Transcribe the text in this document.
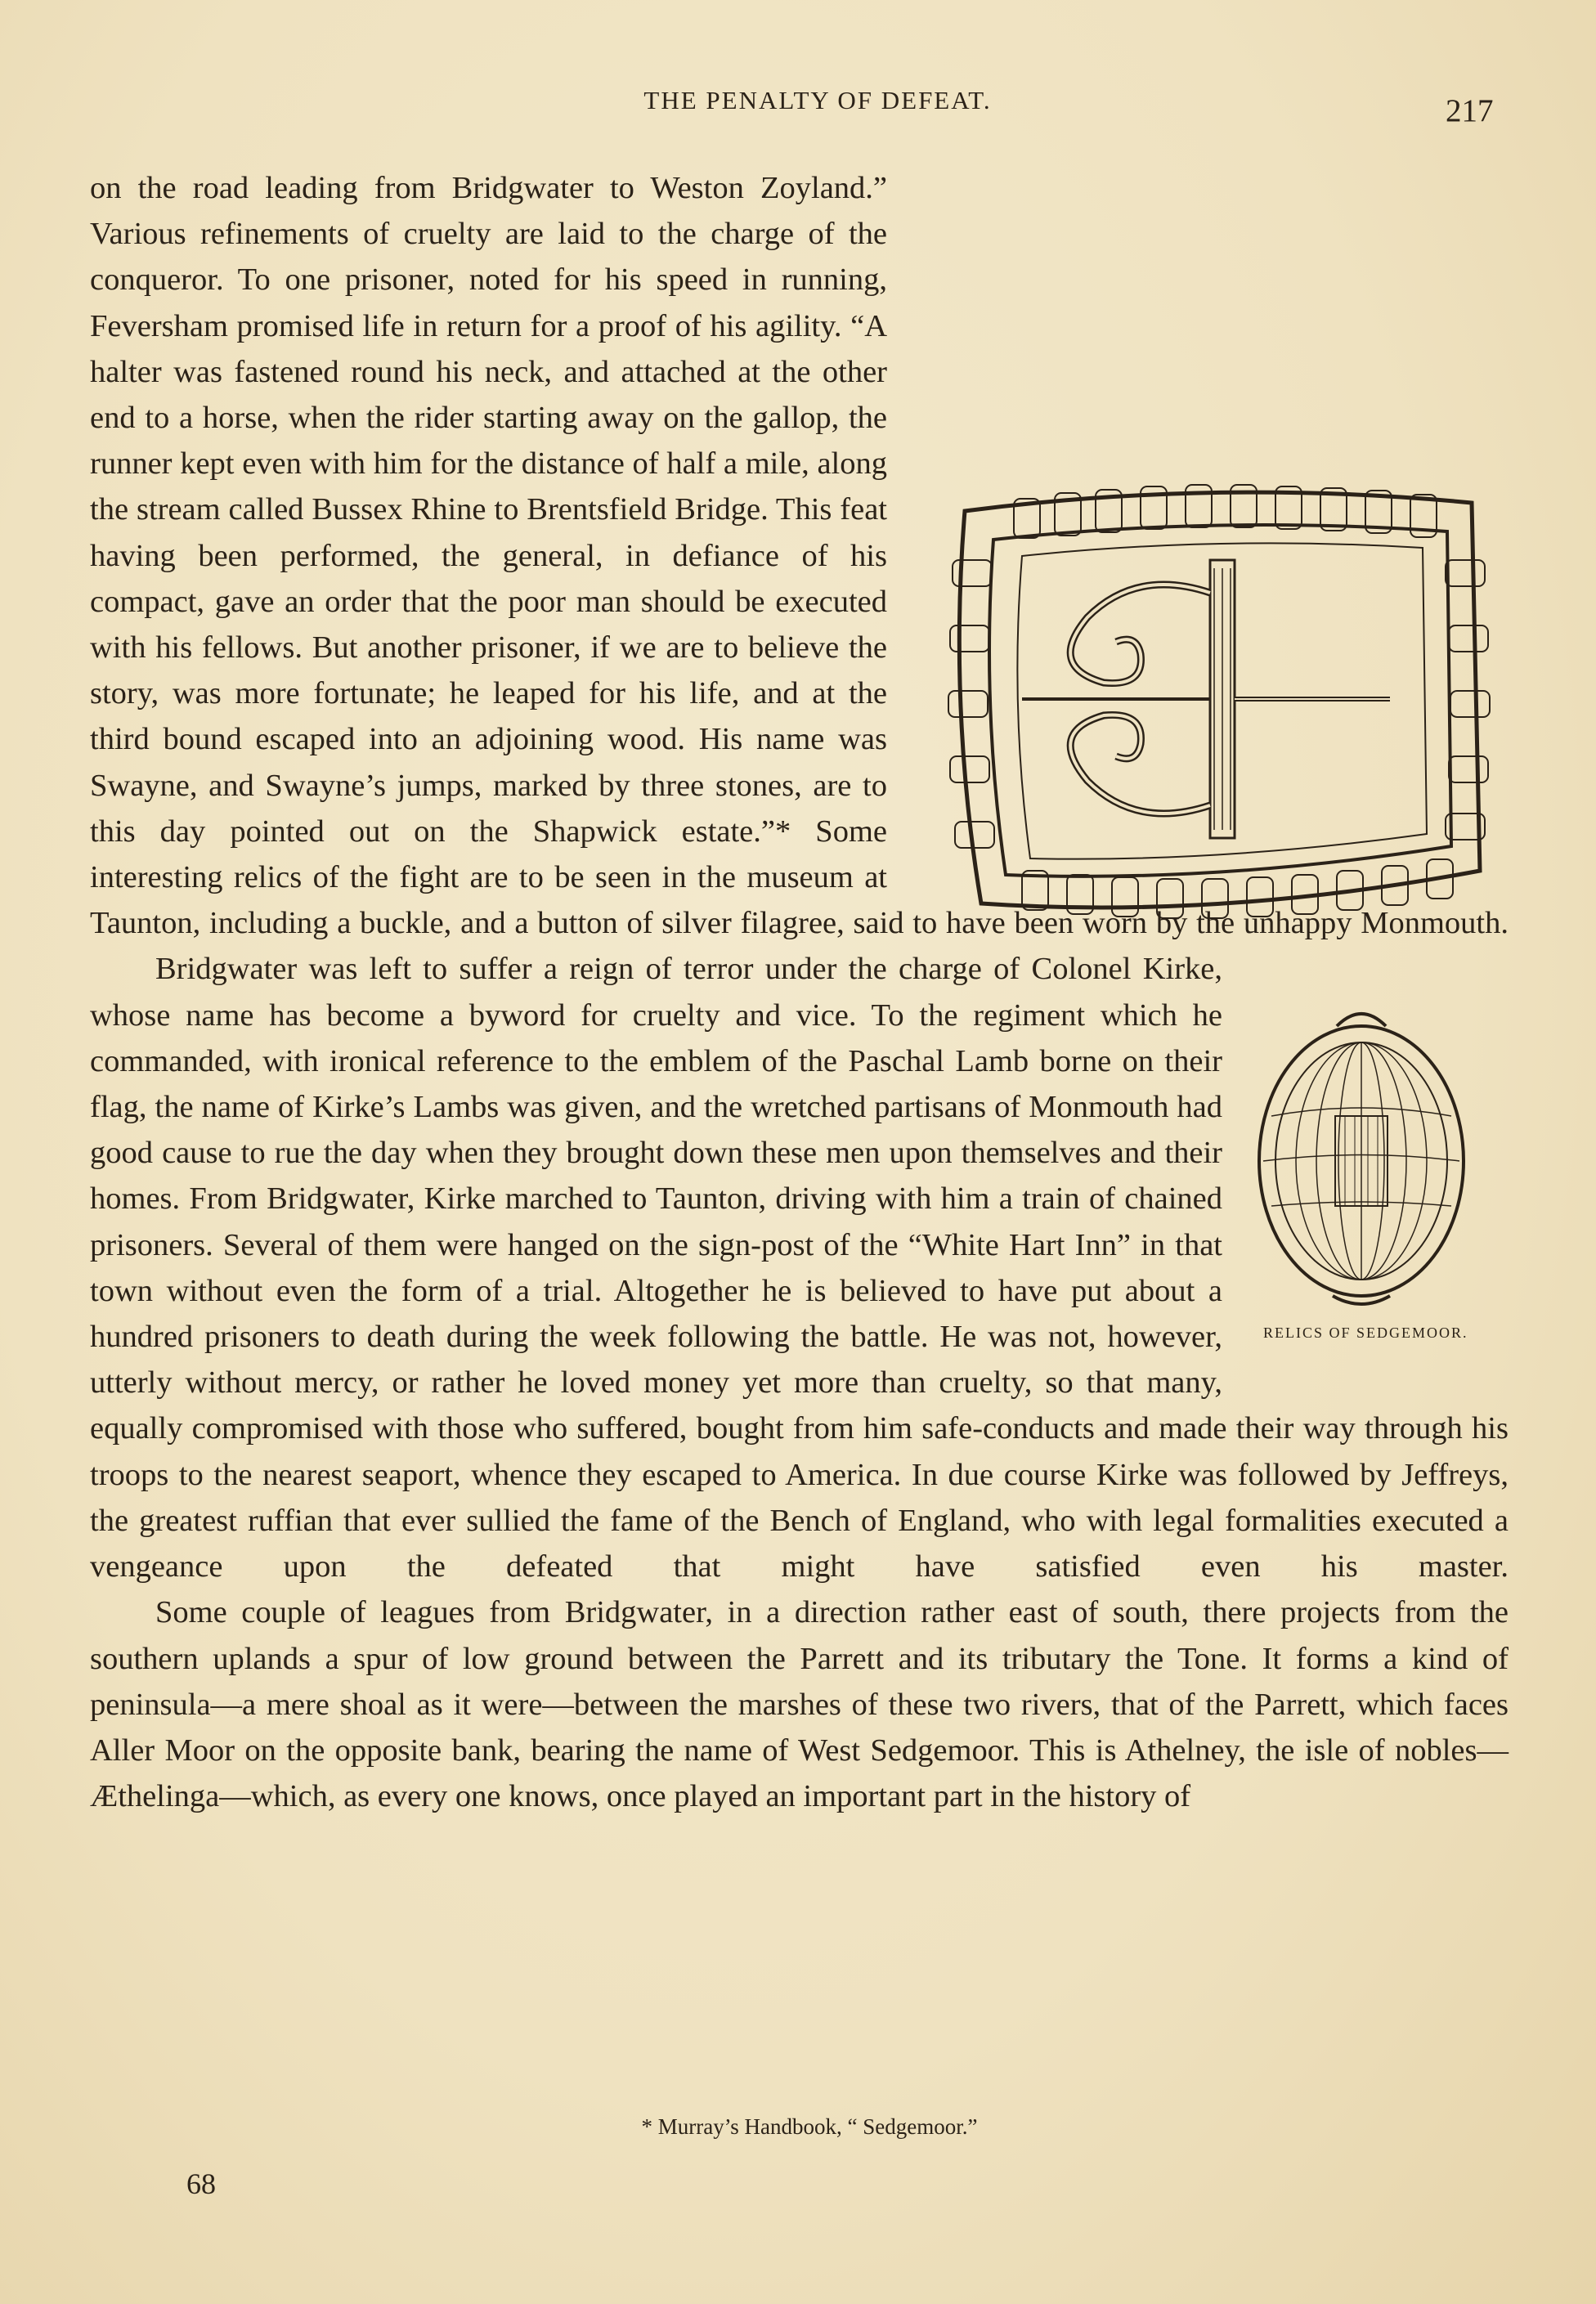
THE PENALTY OF DEFEAT.	217

on the road leading from Bridgwater to Weston Zoyland.” Various refinements of cruelty are laid to the charge of the conqueror. To one prisoner, noted for his speed in running, Feversham promised life in return for a proof of his agility. “A halter was fastened round his neck, and attached at the other end to a horse, when the rider starting away on the gallop, the runner kept even with him for the distance of half a mile, along the stream called Bussex Rhine to Brentsfield Bridge. This feat having been performed, the general, in defiance of his compact, gave an order that the poor man should be executed with his fellows. But another prisoner, if we are to believe the story, was more fortunate; he leaped for his life, and at the third bound escaped into an adjoining wood. His name was Swayne, and Swayne’s jumps, marked by three stones, are to this day pointed out on the Shapwick estate.”* Some interesting relics of the fight are to be seen in the museum at Taunton, including a buckle, and a button of silver filagree, said to have been worn by the unhappy Monmouth.

Bridgwater was left to suffer a reign of terror under the charge of Colonel Kirke, whose name has become a byword for cruelty and vice. To the regiment which he commanded, with ironical reference to the emblem of the Paschal Lamb borne on their flag, the name of Kirke’s Lambs was given, and the wretched partisans of Monmouth had good cause to rue the day when they brought down these men upon themselves and their homes. From Bridgwater, Kirke marched to Taunton, driving with him a train of chained prisoners. Several of them were hanged on the sign-post of the “White Hart Inn” in that town without even the form of a trial. Altogether he is believed to have put about a hundred prisoners to death during the week following the battle. He was not, however, utterly without mercy, or rather he loved money yet more than cruelty, so that many, equally compromised with those who suffered, bought from him safe-conducts and made their way through his troops to the nearest seaport, whence they escaped to America. In due course Kirke was followed by Jeffreys, the greatest ruffian that ever sullied the fame of the Bench of England, who with legal formalities executed a vengeance upon the defeated that might have satisfied even his master.

Some couple of leagues from Bridgwater, in a direction rather east of south, there projects from the southern uplands a spur of low ground between the Parrett and its tributary the Tone. It forms a kind of peninsula—a mere shoal as it were—between the marshes of these two rivers, that of the Parrett, which faces Aller Moor on the opposite bank, bearing the name of West Sedgemoor. This is Athelney, the isle of nobles— Æthelinga—which, as every one knows, once played an important part in the history of

RELICS OF SEDGEMOOR.
* Murray’s Handbook, “ Sedgemoor.”
68
